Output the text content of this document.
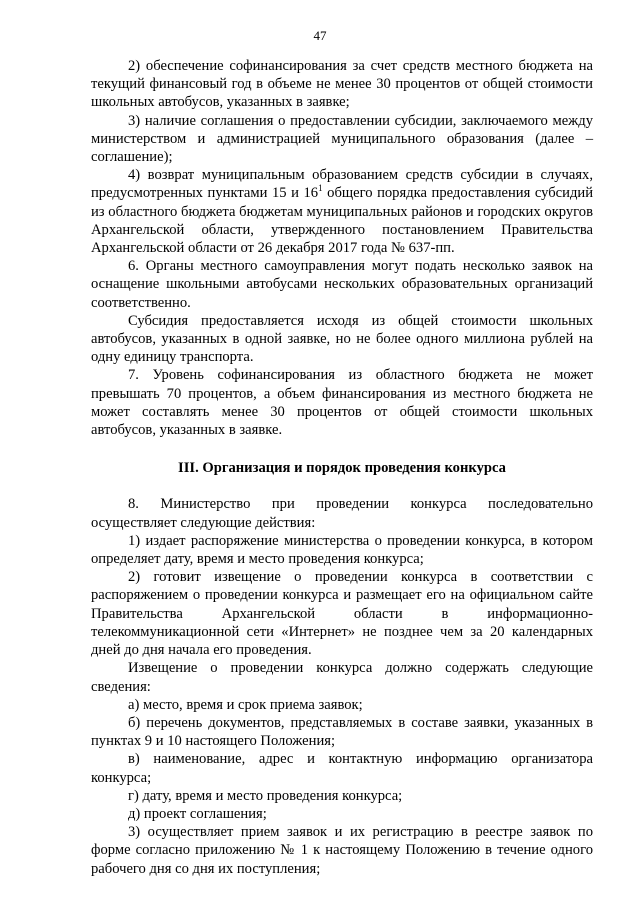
47

2) обеспечение софинансирования за счет средств местного бюджета на текущий финансовый год в объеме не менее 30 процентов от общей стоимости школьных автобусов, указанных в заявке;

3) наличие соглашения о предоставлении субсидии, заключаемого между министерством и администрацией муниципального образования (далее – соглашение);

4) возврат муниципальным образованием средств субсидии в случаях, предусмотренных пунктами 15 и $16^1$ общего порядка предоставления субсидий из областного бюджета бюджетам муниципальных районов и городских округов Архангельской области, утвержденного постановлением Правительства Архангельской области от 26 декабря 2017 года № 637-пп.

6. Органы местного самоуправления могут подать несколько заявок на оснащение школьными автобусами нескольких образовательных организаций соответственно.

Субсидия предоставляется исходя из общей стоимости школьных автобусов, указанных в одной заявке, но не более одного миллиона рублей на одну единицу транспорта.

7. Уровень софинансирования из областного бюджета не может превышать 70 процентов, а объем финансирования из местного бюджета не может составлять менее 30 процентов от общей стоимости школьных автобусов, указанных в заявке.

III. Организация и порядок проведения конкурса

8. Министерство при проведении конкурса последовательно осуществляет следующие действия:

1) издает распоряжение министерства о проведении конкурса, в котором определяет дату, время и место проведения конкурса;

2) готовит извещение о проведении конкурса в соответствии с распоряжением о проведении конкурса и размещает его на официальном сайте Правительства Архангельской области в информационно-телекоммуникационной сети «Интернет» не позднее чем за 20 календарных дней до дня начала его проведения.

Извещение о проведении конкурса должно содержать следующие сведения:

а) место, время и срок приема заявок;

б) перечень документов, представляемых в составе заявки, указанных в пунктах 9 и 10 настоящего Положения;

в) наименование, адрес и контактную информацию организатора конкурса;

г) дату, время и место проведения конкурса;

д) проект соглашения;

3) осуществляет прием заявок и их регистрацию в реестре заявок по форме согласно приложению № 1 к настоящему Положению в течение одного рабочего дня со дня их поступления;
